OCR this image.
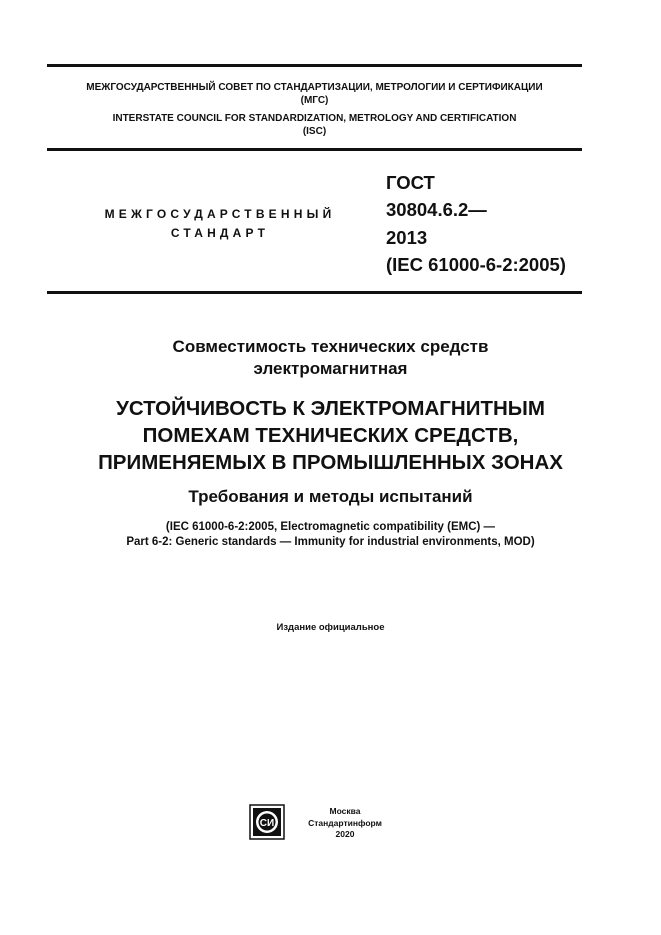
МЕЖГОСУДАРСТВЕННЫЙ СОВЕТ ПО СТАНДАРТИЗАЦИИ, МЕТРОЛОГИИ И СЕРТИФИКАЦИИ
(МГС)
INTERSTATE COUNCIL FOR STANDARDIZATION, METROLOGY AND CERTIFICATION
(ISC)
МЕЖГОСУДАРСТВЕННЫЙ
СТАНДАРТ
ГОСТ
30804.6.2—
2013
(IEC 61000-6-2:2005)
Совместимость технических средств
электромагнитная
УСТОЙЧИВОСТЬ К ЭЛЕКТРОМАГНИТНЫМ
ПОМЕХАМ ТЕХНИЧЕСКИХ СРЕДСТВ,
ПРИМЕНЯЕМЫХ В ПРОМЫШЛЕННЫХ ЗОНАХ
Требования и методы испытаний
(IEC 61000-6-2:2005, Electromagnetic compatibility (EMC) —
Part 6-2: Generic standards — Immunity for industrial environments, MOD)
Издание официальное
СИ
Москва
Стандартинформ
2020
